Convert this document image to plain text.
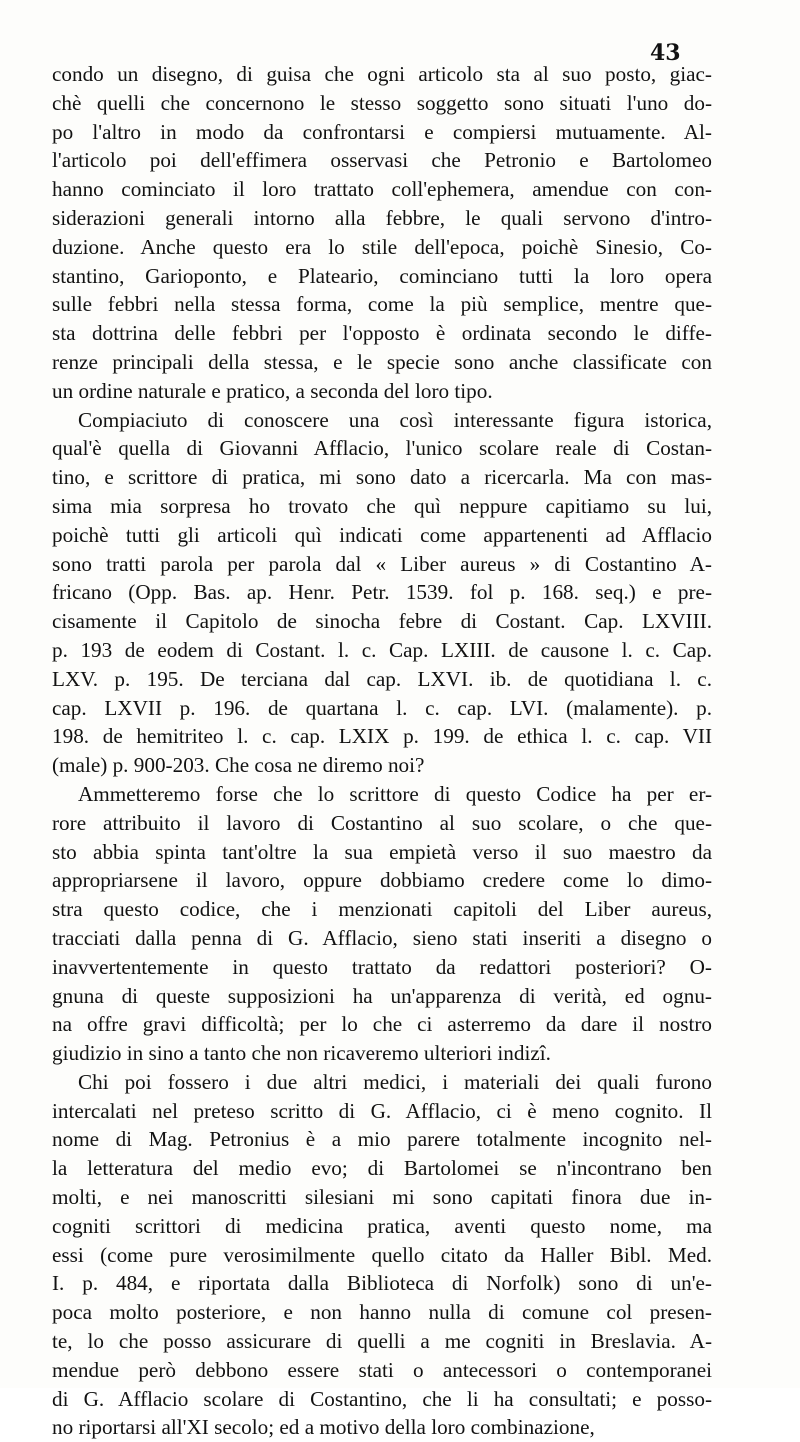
43
condo un disegno, di guisa che ogni articolo sta al suo posto, giac-
chè quelli che concernono le stesso soggetto sono situati l'uno do-
po l'altro in modo da confrontarsi e compiersi mutuamente. Al-
l'articolo poi dell'effimera osservasi che Petronio e Bartolomeo
hanno cominciato il loro trattato coll'ephemera, amendue con con-
siderazioni generali intorno alla febbre, le quali servono d'intro-
duzione. Anche questo era lo stile dell'epoca, poichè Sinesio, Co-
stantino, Garioponto, e Plateario, cominciano tutti la loro opera
sulle febbri nella stessa forma, come la più semplice, mentre que-
sta dottrina delle febbri per l'opposto è ordinata secondo le diffe-
renze principali della stessa, e le specie sono anche classificate con
un ordine naturale e pratico, a seconda del loro tipo.
Compiaciuto di conoscere una così interessante figura istorica,
qual'è quella di Giovanni Afflacio, l'unico scolare reale di Costan-
tino, e scrittore di pratica, mi sono dato a ricercarla. Ma con mas-
sima mia sorpresa ho trovato che quì neppure capitiamo su lui,
poichè tutti gli articoli quì indicati come appartenenti ad Afflacio
sono tratti parola per parola dal « Liber aureus » di Costantino A-
fricano (Opp. Bas. ap. Henr. Petr. 1539. fol p. 168. seq.) e pre-
cisamente il Capitolo de sinocha febre di Costant. Cap. LXVIII.
p. 193 de eodem di Costant. l. c. Cap. LXIII. de causone l. c. Cap.
LXV. p. 195. De terciana dal cap. LXVI. ib. de quotidiana l. c.
cap. LXVII p. 196. de quartana l. c. cap. LVI. (malamente). p.
198. de hemitriteo l. c. cap. LXIX p. 199. de ethica l. c. cap. VII
(male) p. 900-203. Che cosa ne diremo noi?
Ammetteremo forse che lo scrittore di questo Codice ha per er-
rore attribuito il lavoro di Costantino al suo scolare, o che que-
sto abbia spinta tant'oltre la sua empietà verso il suo maestro da
appropriarsene il lavoro, oppure dobbiamo credere come lo dimo-
stra questo codice, che i menzionati capitoli del Liber aureus,
tracciati dalla penna di G. Afflacio, sieno stati inseriti a disegno o
inavvertentemente in questo trattato da redattori posteriori? O-
gnuna di queste supposizioni ha un'apparenza di verità, ed ognu-
na offre gravi difficoltà; per lo che ci asterremo da dare il nostro
giudizio in sino a tanto che non ricaveremo ulteriori indizî.
Chi poi fossero i due altri medici, i materiali dei quali furono
intercalati nel preteso scritto di G. Afflacio, ci è meno cognito. Il
nome di Mag. Petronius è a mio parere totalmente incognito nel-
la letteratura del medio evo; di Bartolomei se n'incontrano ben
molti, e nei manoscritti silesiani mi sono capitati finora due in-
cogniti scrittori di medicina pratica, aventi questo nome, ma
essi (come pure verosimilmente quello citato da Haller Bibl. Med.
I. p. 484, e riportata dalla Biblioteca di Norfolk) sono di un'e-
poca molto posteriore, e non hanno nulla di comune col presen-
te, lo che posso assicurare di quelli a me cogniti in Breslavia. A-
mendue però debbono essere stati o antecessori o contemporanei
di G. Afflacio scolare di Costantino, che li ha consultati; e posso-
no riportarsi all'XI secolo; ed a motivo della loro combinazione,
